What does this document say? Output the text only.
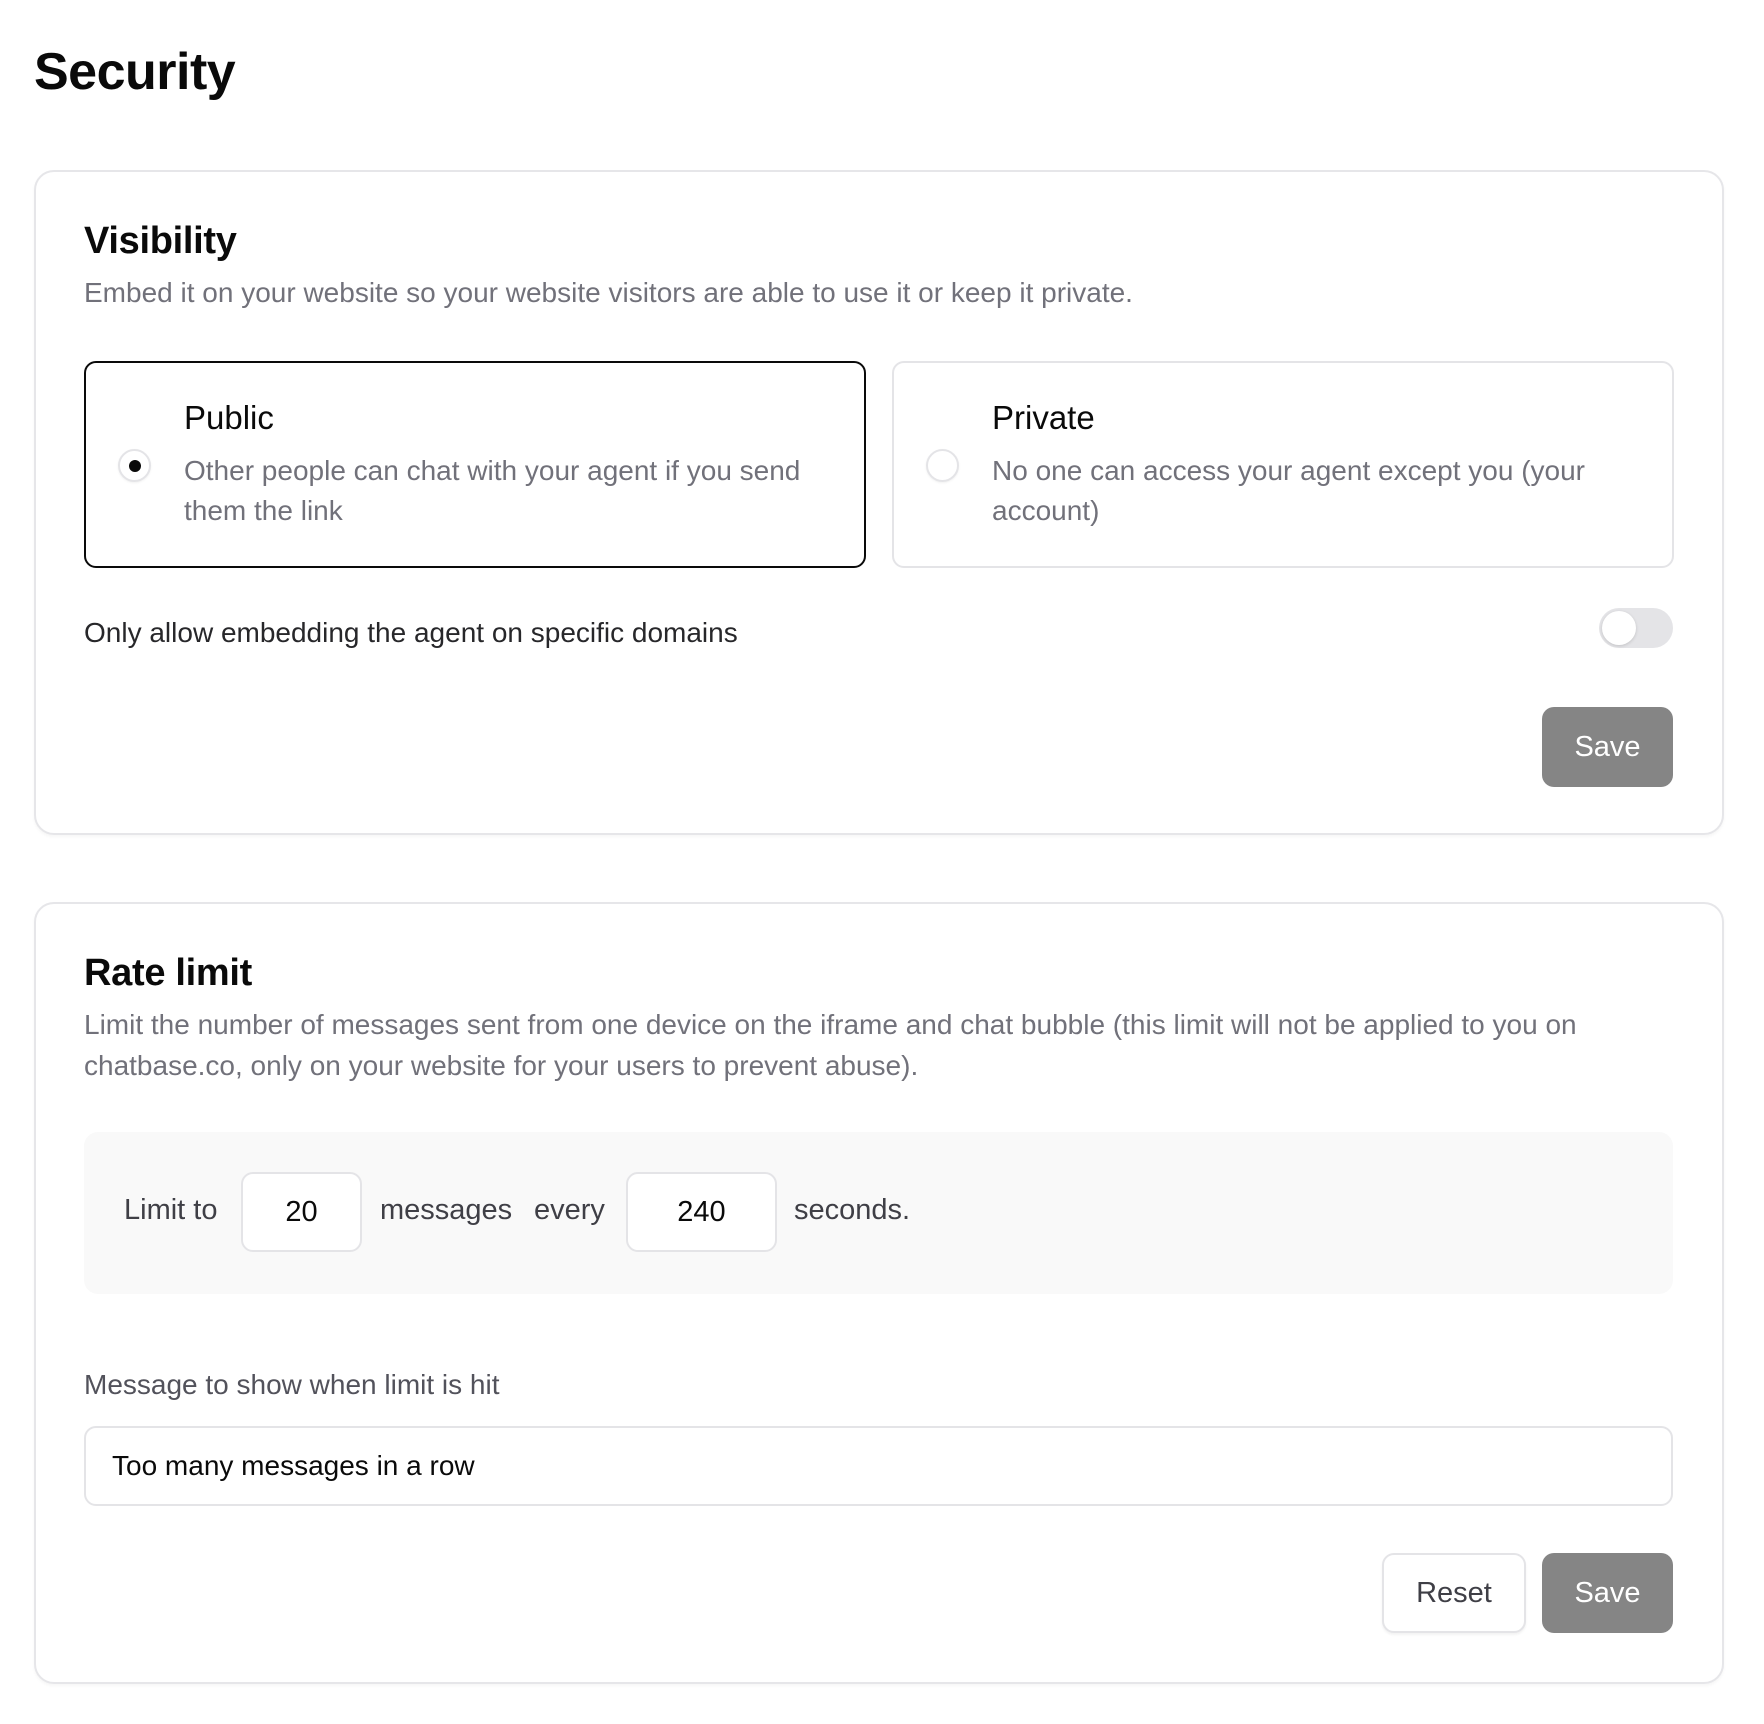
Security
Visibility

Embed it on your website so your website visitors are able to use it or keep it private.

Public
Other people can chat with your agent if you send them the link
Private
No one can access your agent except you (your account)
Only allow embedding the agent on specific domains
Save
Rate limit

Limit the number of messages sent from one device on the iframe and chat bubble (this limit will not be applied to you on chatbase.co, only on your website for your users to prevent abuse).

Limit to
20	messages every
240	seconds.
Message to show when limit is hit
Too many messages in a row
Reset	Save
